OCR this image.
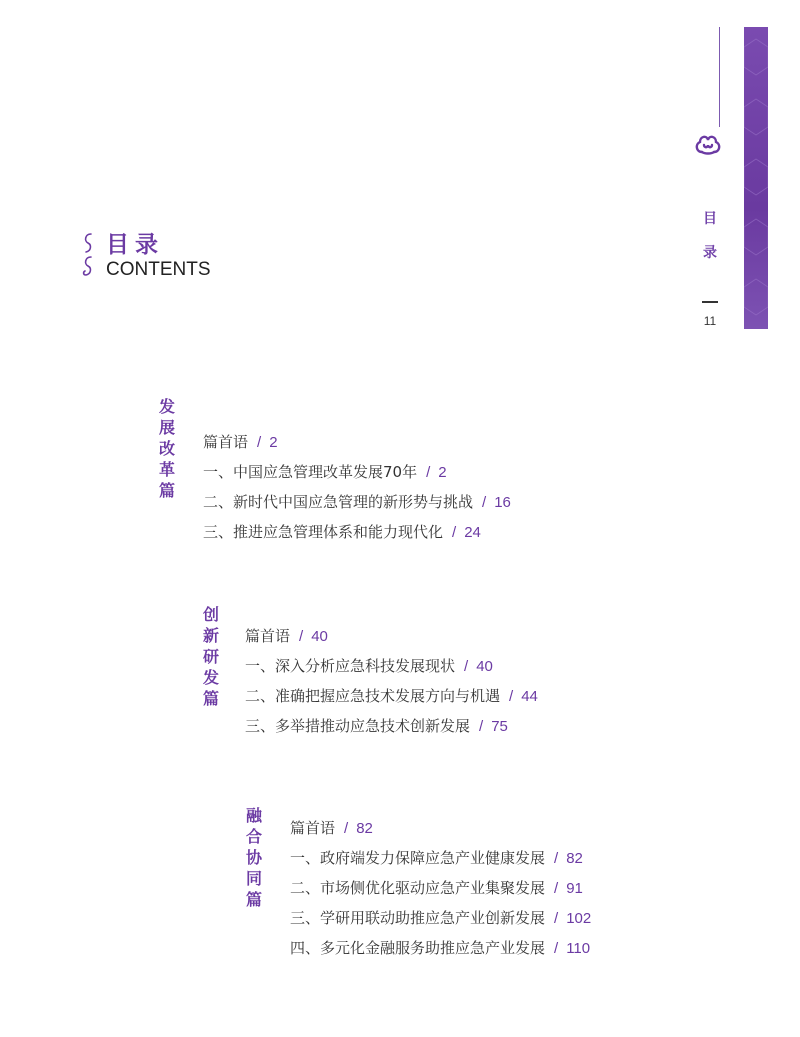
目
录
11
目录
CONTENTS
发
展
改
革
篇
篇首语 / 2
一、中国应急管理改革发展70年 / 2
二、新时代中国应急管理的新形势与挑战 / 16
三、推进应急管理体系和能力现代化 / 24
创
新
研
发
篇
篇首语 / 40
一、深入分析应急科技发展现状 / 40
二、准确把握应急技术发展方向与机遇 / 44
三、多举措推动应急技术创新发展 / 75
融
合
协
同
篇
篇首语 / 82
一、政府端发力保障应急产业健康发展 / 82
二、市场侧优化驱动应急产业集聚发展 / 91
三、学研用联动助推应急产业创新发展 / 102
四、多元化金融服务助推应急产业发展 / 110
